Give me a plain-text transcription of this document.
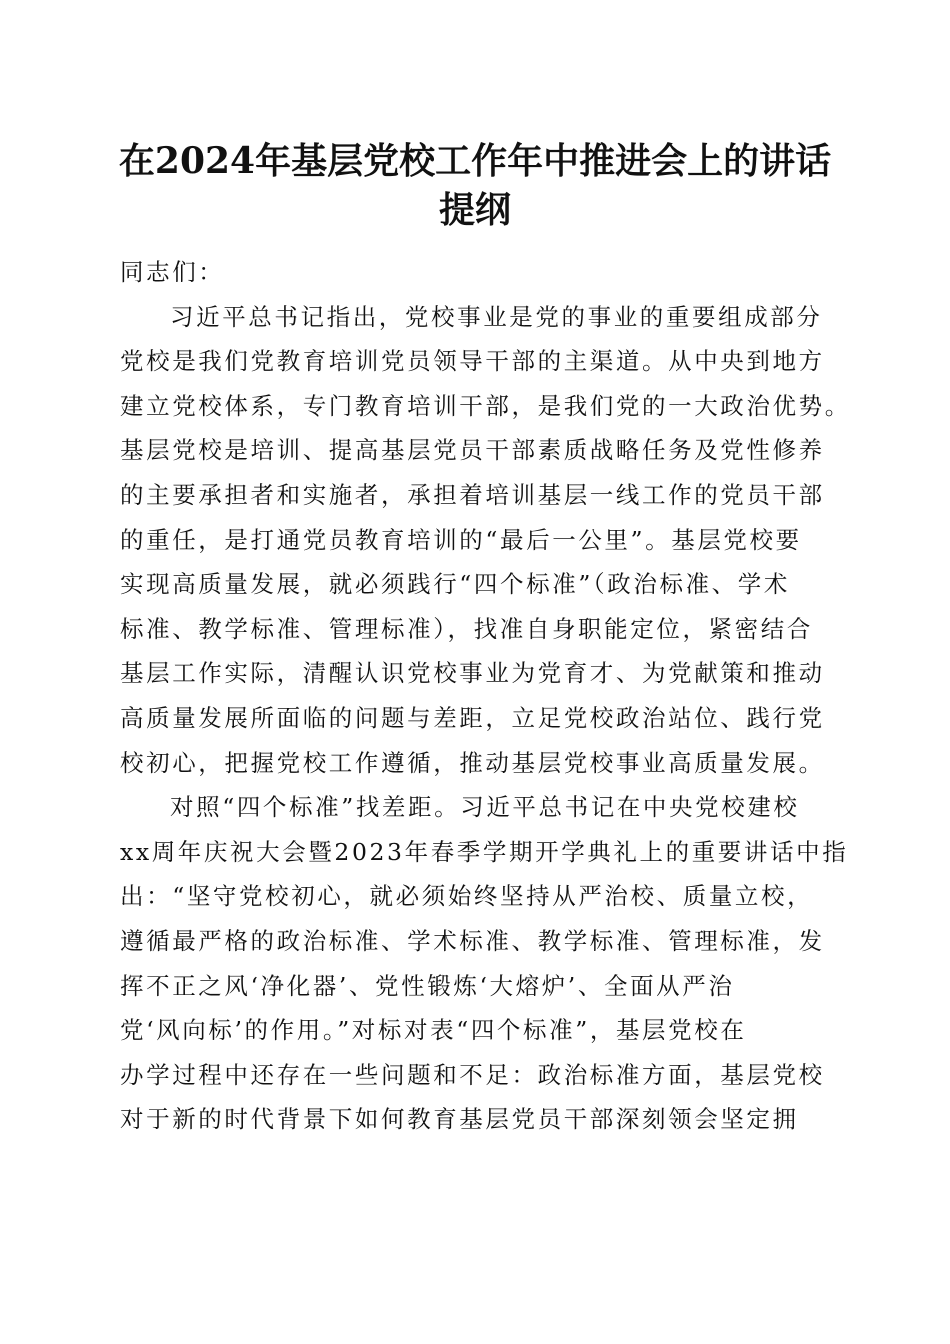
在2024年基层党校工作年中推进会上的讲话
提纲
同志们：
习近平总书记指出，党校事业是党的事业的重要组成部分
党校是我们党教育培训党员领导干部的主渠道。从中央到地方
建立党校体系，专门教育培训干部，是我们党的一大政治优势。
基层党校是培训、提高基层党员干部素质战略任务及党性修养
的主要承担者和实施者，承担着培训基层一线工作的党员干部
的重任，是打通党员教育培训的“最后一公里”。基层党校要
实现高质量发展，就必须践行“四个标准”（政治标准、学术
标准、教学标准、管理标准），找准自身职能定位，紧密结合
基层工作实际，清醒认识党校事业为党育才、为党献策和推动
高质量发展所面临的问题与差距，立足党校政治站位、践行党
校初心，把握党校工作遵循，推动基层党校事业高质量发展。
对照“四个标准”找差距。习近平总书记在中央党校建校
xx周年庆祝大会暨2023年春季学期开学典礼上的重要讲话中指
出：“坚守党校初心，就必须始终坚持从严治校、质量立校，
遵循最严格的政治标准、学术标准、教学标准、管理标准，发
挥不正之风‘净化器’、党性锻炼‘大熔炉’、全面从严治
党‘风向标’的作用。”对标对表“四个标准”，基层党校在
办学过程中还存在一些问题和不足：政治标准方面，基层党校
对于新的时代背景下如何教育基层党员干部深刻领会坚定拥
